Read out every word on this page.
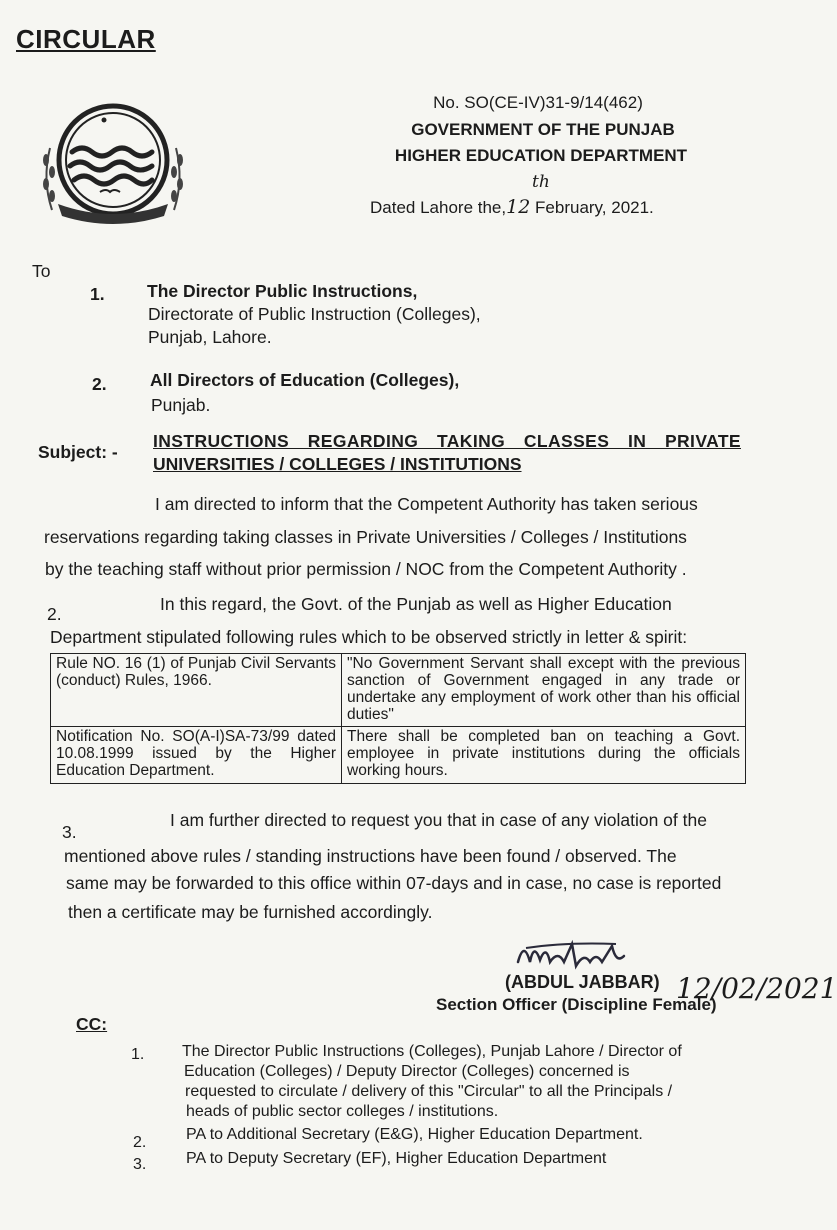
CIRCULAR
No. SO(CE-IV)31-9/14(462)
GOVERNMENT OF THE PUNJAB
HIGHER EDUCATION DEPARTMENT
th
Dated Lahore the,12 February, 2021.
To
1. The Director Public Instructions,
Directorate of Public Instruction (Colleges),
Punjab, Lahore.
2. All Directors of Education (Colleges),
Punjab.
Subject: -
INSTRUCTIONS REGARDING TAKING CLASSES IN PRIVATE
UNIVERSITIES / COLLEGES / INSTITUTIONS
I am directed to inform that the Competent Authority has taken serious
reservations regarding taking classes in Private Universities / Colleges / Institutions
by the teaching staff without prior permission / NOC from the Competent Authority .
2.	In this regard, the Govt. of the Punjab as well as Higher Education
Department stipulated following rules which to be observed strictly in letter & spirit:
Rule NO. 16 (1) of Punjab Civil Servants (conduct) Rules, 1966.	"No Government Servant shall except with the previous sanction of Government engaged in any trade or undertake any employment of work other than his official duties"
Notification No. SO(A-I)SA-73/99 dated 10.08.1999 issued by the Higher Education Department.	There shall be completed ban on teaching a Govt. employee in private institutions during the officials working hours.
3.
I am further directed to request you that in case of any violation of the
mentioned above rules / standing instructions have been found / observed. The
same may be forwarded to this office within 07-days and in case, no case is reported
then a certificate may be furnished accordingly.
(ABDUL JABBAR)
Section Officer (Discipline Female)
12/02/2021
CC:
1. The Director Public Instructions (Colleges), Punjab Lahore / Director of
Education (Colleges) / Deputy Director (Colleges) concerned is
requested to circulate / delivery of this "Circular" to all the Principals /
heads of public sector colleges / institutions.
2. PA to Additional Secretary (E&G), Higher Education Department.
3. PA to Deputy Secretary (EF), Higher Education Department
